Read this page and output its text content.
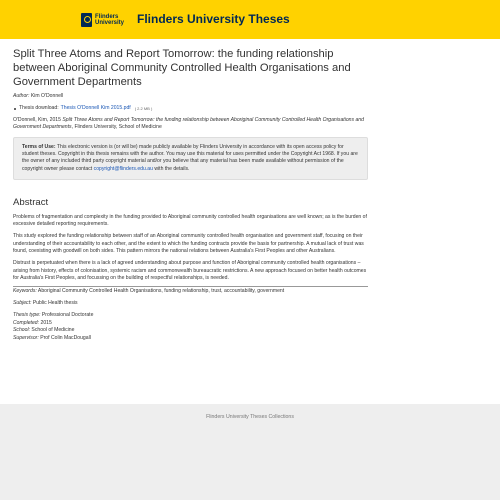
Flinders
University Flinders University Theses
Split Three Atoms and Report Tomorrow: the funding relationship between Aboriginal Community Controlled Health Organisations and Government Departments
Author: Kim O'Donnell
Thesis download: Thesis O'Donnell Kim 2015.pdf ( 2.2 MB )
O'Donnell, Kim, 2015 Split Three Atoms and Report Tomorrow: the funding relationship between Aboriginal Community Controlled Health Organisations and Government Departments, Flinders University, School of Medicine
Terms of Use: This electronic version is (or will be) made publicly available by Flinders University in accordance with its open access policy for student theses. Copyright in this thesis remains with the author. You may use this material for uses permitted under the Copyright Act 1968. If you are the owner of any included third party copyright material and/or you believe that any material has been made available without permission of the copyright owner please contact copyright@flinders.edu.au with the details.
Abstract
Problems of fragmentation and complexity in the funding provided to Aboriginal community controlled health organisations are well known; as is the burden of excessive detailed reporting requirements.
This study explored the funding relationship between staff of an Aboriginal community controlled health organisation and government staff, focusing on their understanding of their accountability to each other, and the extent to which the funding contracts provide the basis for partnership. A mutual lack of trust was found, coexisting with goodwill on both sides. This pattern mirrors the national relations between Australia's First Peoples and other Australians.
Distrust is perpetuated when there is a lack of agreed understanding about purpose and function of Aboriginal community controlled health organisations – arising from history, effects of colonisation, systemic racism and commonwealth bureaucratic restrictions. A new approach focused on better health outcomes for Australia's First Peoples, and focussing on the building of respectful relationships, is needed.
Keywords: Aboriginal Community Controlled Health Organisations, funding relationship, trust, accountability, government
Subject: Public Health thesis
Thesis type: Professional Doctorate
Completed: 2015
School: School of Medicine
Supervisor: Prof Colin MacDougall
Flinders University Theses Collections
